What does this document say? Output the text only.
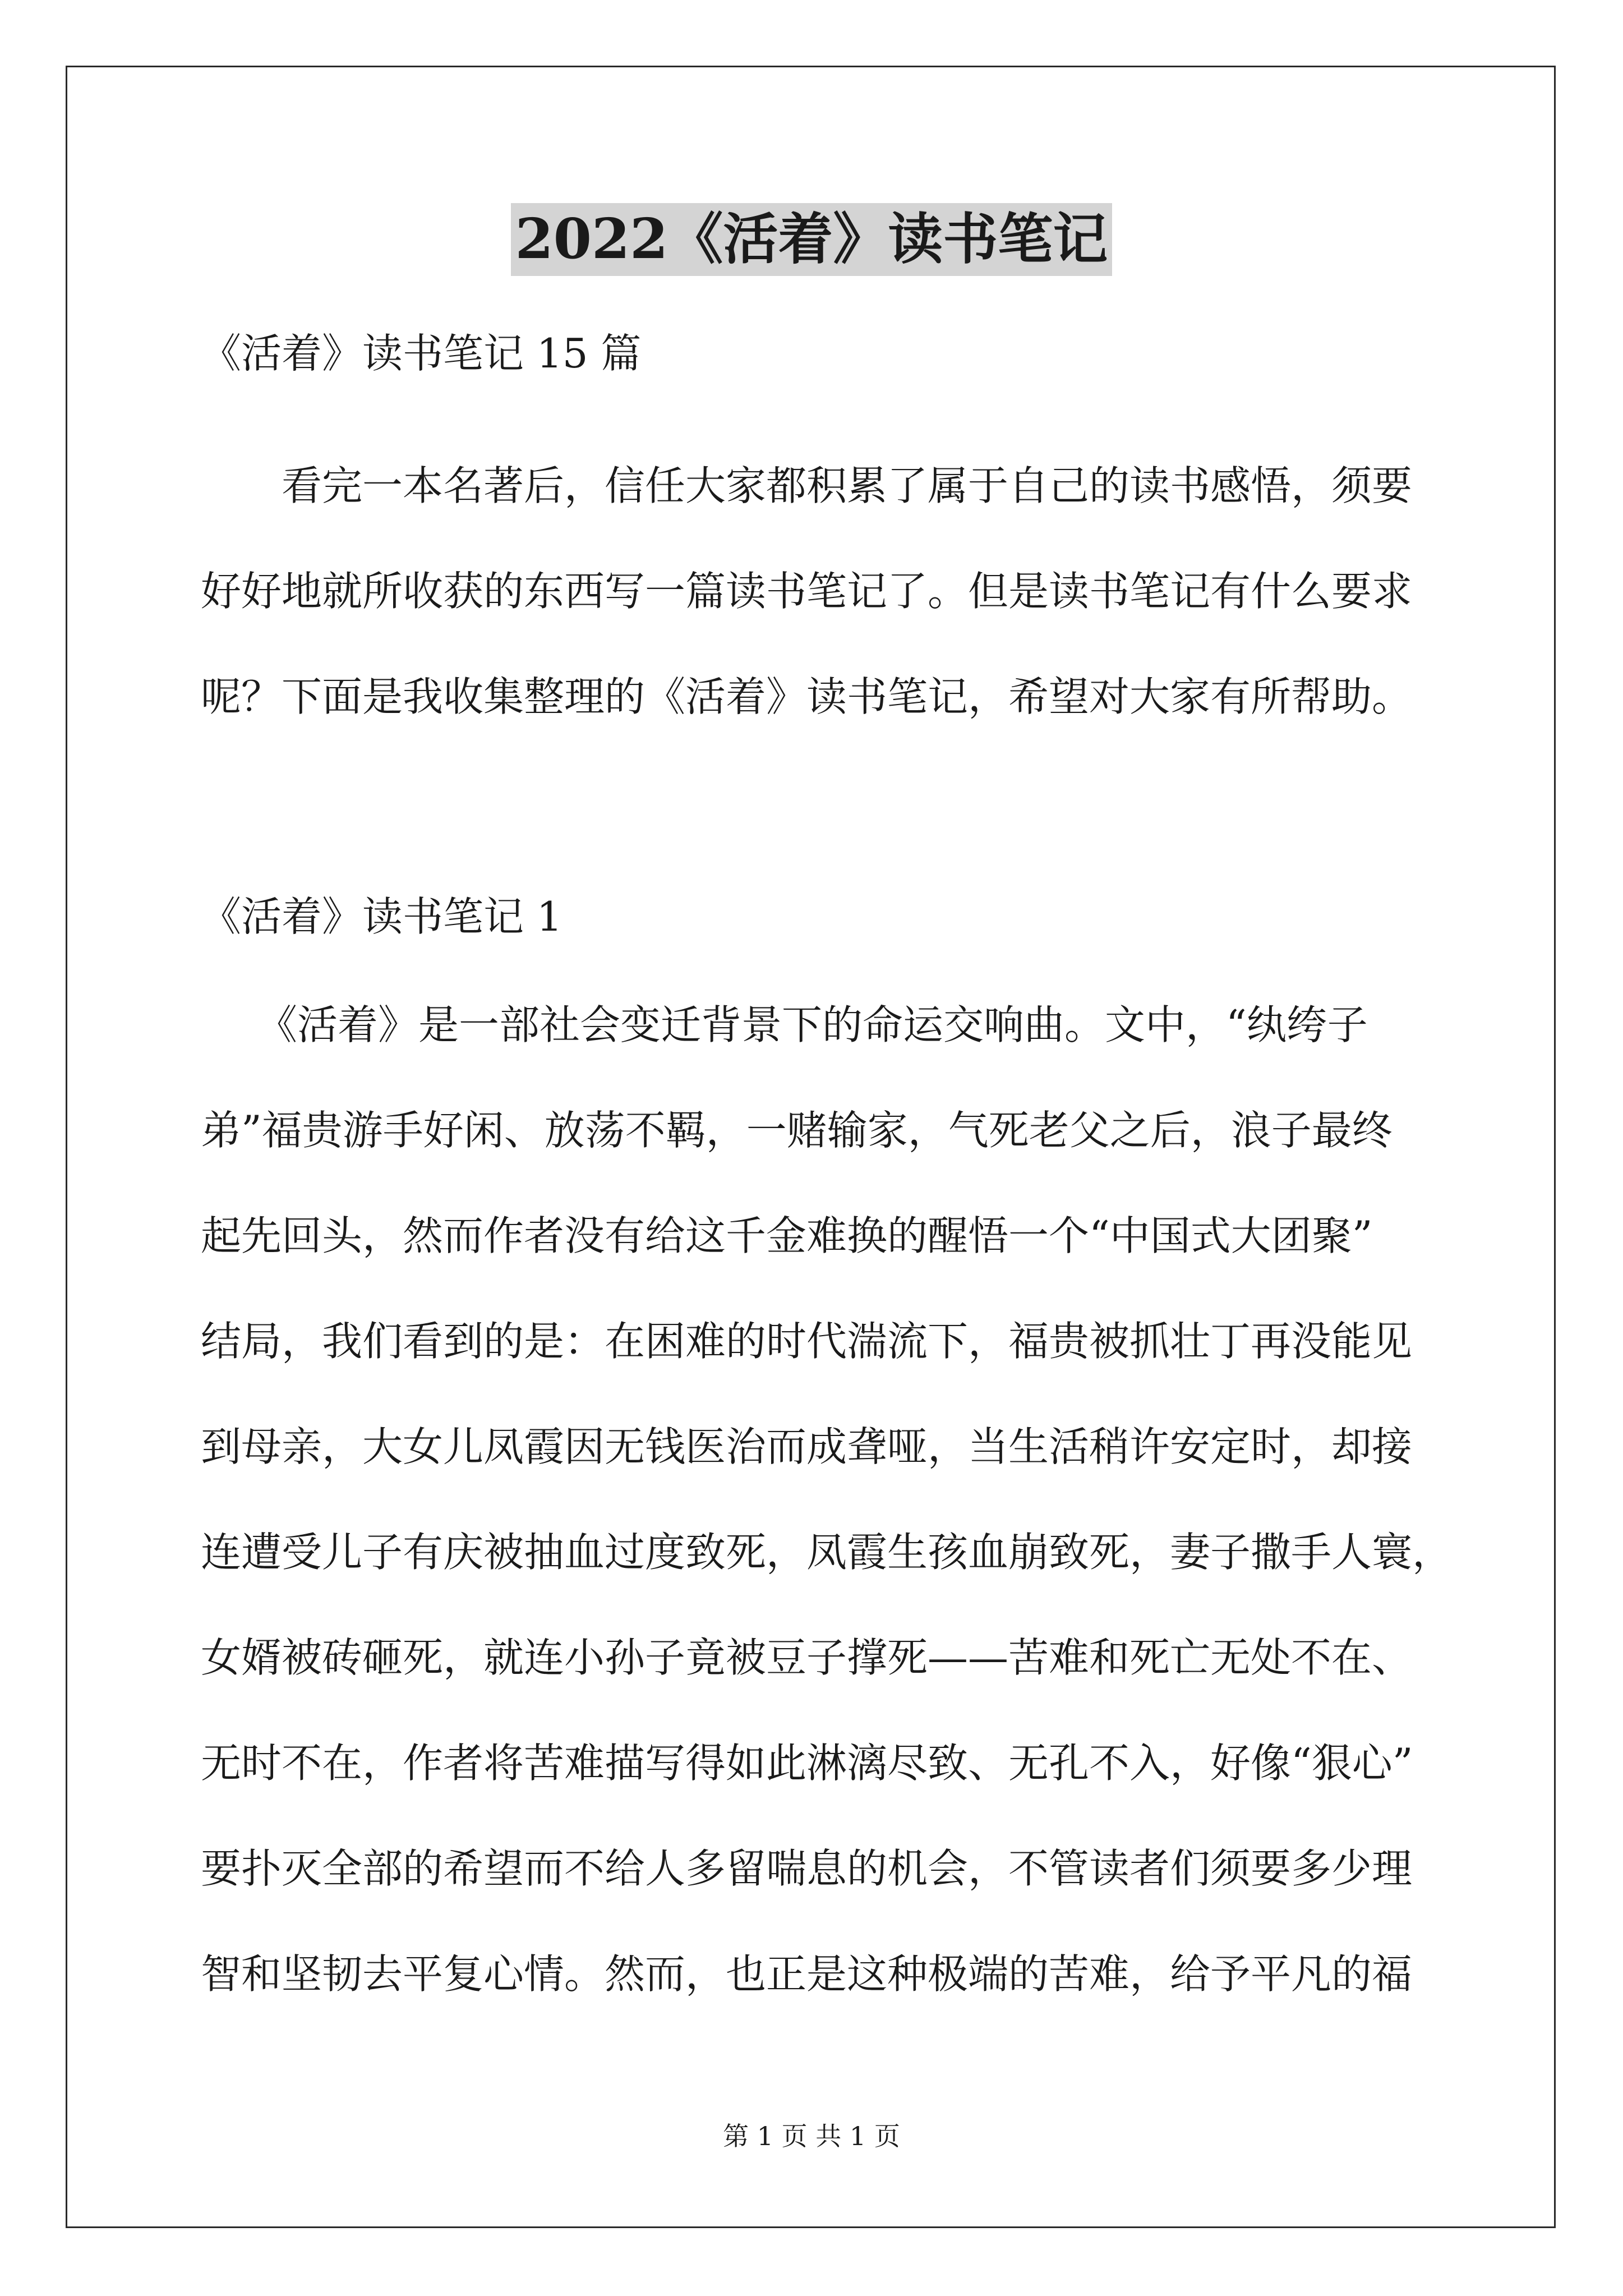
2022《活着》读书笔记

《活着》读书笔记 15 篇

看完一本名著后，信任大家都积累了属于自己的读书感悟，须要

好好地就所收获的东西写一篇读书笔记了。但是读书笔记有什么要求

呢？下面是我收集整理的《活着》读书笔记，希望对大家有所帮助。

《活着》读书笔记 1

《活着》是一部社会变迁背景下的命运交响曲。文中，“纨绔子

弟”福贵游手好闲、放荡不羁，一赌输家，气死老父之后，浪子最终

起先回头，然而作者没有给这千金难换的醒悟一个“中国式大团聚”

结局，我们看到的是：在困难的时代湍流下，福贵被抓壮丁再没能见

到母亲，大女儿凤霞因无钱医治而成聋哑，当生活稍许安定时，却接

连遭受儿子有庆被抽血过度致死，凤霞生孩血崩致死，妻子撒手人寰，

女婿被砖砸死，就连小孙子竟被豆子撑死——苦难和死亡无处不在、

无时不在，作者将苦难描写得如此淋漓尽致、无孔不入，好像“狠心”

要扑灭全部的希望而不给人多留喘息的机会，不管读者们须要多少理

智和坚韧去平复心情。然而，也正是这种极端的苦难，给予平凡的福

第 1 页 共 1 页
